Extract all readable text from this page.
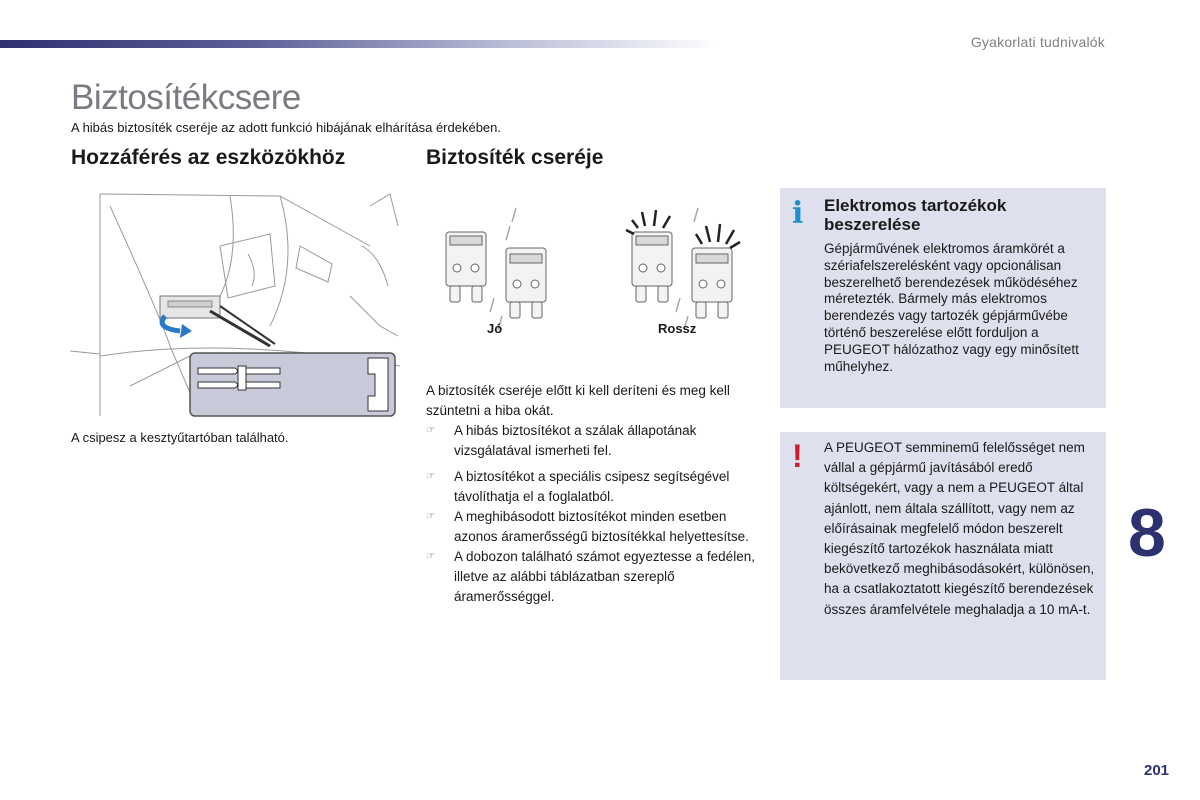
Gyakorlati tudnivalók
Biztosítékcsere
A hibás biztosíték cseréje az adott funkció hibájának elhárítása érdekében.
Hozzáférés az eszközökhöz	Biztosíték cseréje
A csipesz a kesztyűtartóban található.
Jó	Rossz

A biztosíték cseréje előtt ki kell deríteni és meg kell szüntetni a hiba okát.

☞ A hibás biztosítékot a szálak állapotának vizsgálatával ismerheti fel.
☞ A biztosítékot a speciális csipesz segítségével távolíthatja el a foglalatból.
☞ A meghibásodott biztosítékot minden esetben azonos áramerősségű biztosítékkal helyettesítse.
☞ A dobozon található számot egyeztesse a fedélen, illetve az alábbi táblázatban szereplő áramerősséggel.
i Elektromos tartozékok
beszerelése
Gépjárművének elektromos áramkörét a szériafelszerelésként vagy opcionálisan beszerelhető berendezések működéséhez méretezték. Bármely más elektromos berendezés vagy tartozék gépjárművébe történő beszerelése előtt forduljon a PEUGEOT hálózathoz vagy egy minősített műhelyhez.
! A PEUGEOT semminemű felelősséget nem vállal a gépjármű javításából eredő költségekért, vagy a nem a PEUGEOT által ajánlott, nem általa szállított, vagy nem az előírásainak megfelelő módon beszerelt kiegészítő tartozékok használata miatt bekövetkező meghibásodásokért, különösen, ha a csatlakoztatott kiegészítő berendezések összes áramfelvétele meghaladja a 10 mA-t.
8
201
